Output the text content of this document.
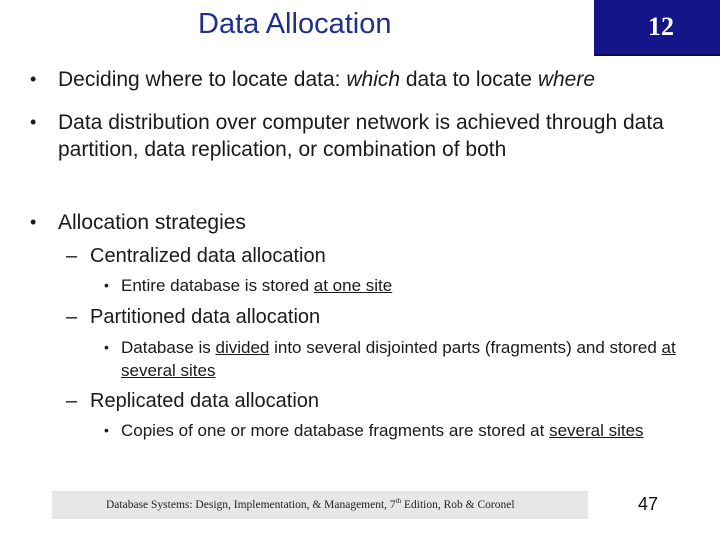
Data Allocation	12
• Deciding where to locate data: which data to locate where
• Data distribution over computer network is achieved through data partition, data replication, or combination of both
• Allocation strategies
– Centralized data allocation
• Entire database is stored at one site
– Partitioned data allocation
• Database is divided into several disjointed parts (fragments) and stored at several sites
– Replicated data allocation
• Copies of one or more database fragments are stored at several sites
Database Systems: Design, Implementation, & Management, 7th Edition, Rob & Coronel	47
